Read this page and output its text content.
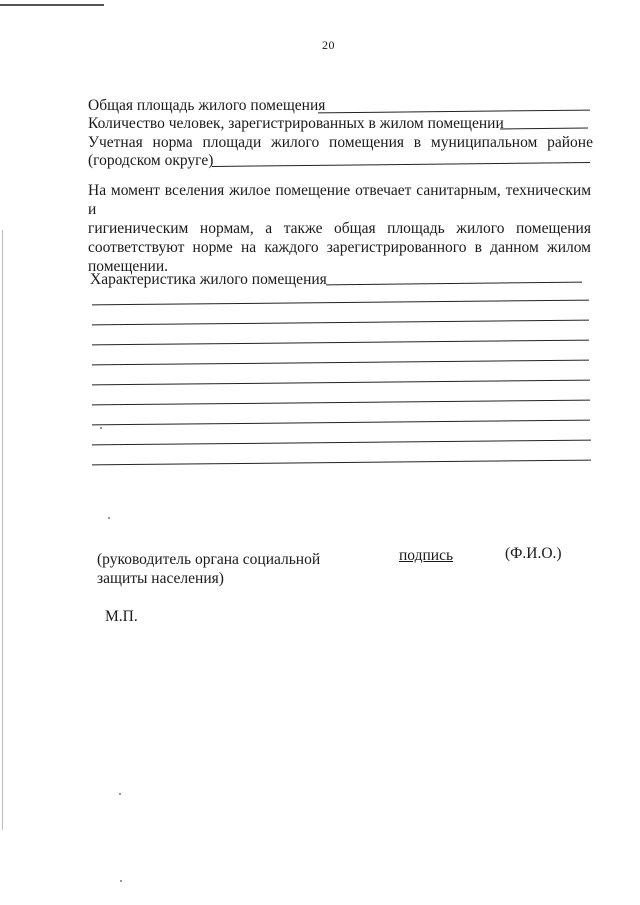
20
Общая площадь жилого помещения
Количество человек, зарегистрированных в жилом помещении
Учетная норма площади жилого помещения в муниципальном районе
(городском округе)
На момент вселения жилое помещение отвечает санитарным, техническим и
гигиеническим нормам, а также общая площадь жилого помещения
соответствуют норме на каждого зарегистрированного в данном жилом
помещении.
Характеристика жилого помещения
(руководитель органа социальной
защиты населения)
подпись	(Ф.И.О.)
М.П.
